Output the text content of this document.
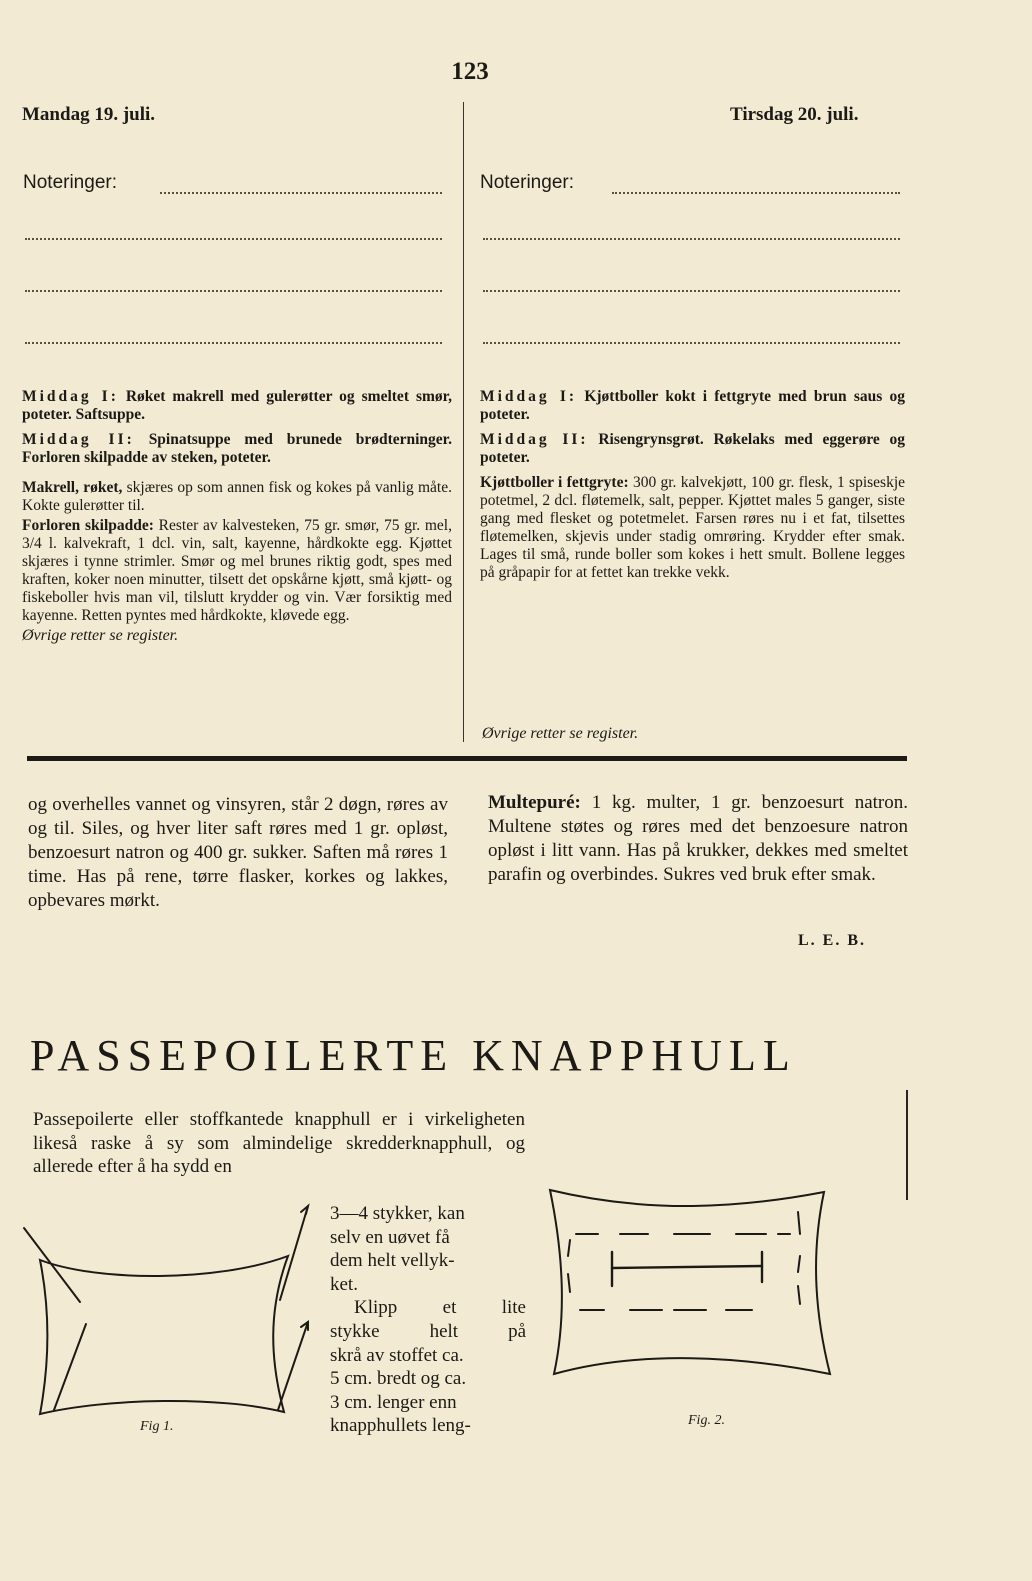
123
Mandag 19. juli.	Tirsdag 20. juli.
Noteringer:	Noteringer:

Middag I: Røket makrell med gulerøtter og smeltet smør, poteter. Saftsuppe.

Middag II: Spinatsuppe med brunede brødterninger. Forloren skilpadde av steken, poteter.

Makrell, røket, skjæres op som annen fisk og kokes på vanlig måte. Kokte gulerøtter til.

Forloren skilpadde: Rester av kalvesteken, 75 gr. smør, 75 gr. mel, 3/4 l. kalvekraft, 1 dcl. vin, salt, kayenne, hårdkokte egg. Kjøttet skjæres i tynne strimler. Smør og mel brunes riktig godt, spes med kraften, koker noen minutter, tilsett det opskårne kjøtt, små kjøtt- og fiskeboller hvis man vil, tilslutt krydder og vin. Vær forsiktig med kayenne. Retten pyntes med hårdkokte, kløvede egg.

Øvrige retter se register.

Middag I: Kjøttboller kokt i fettgryte med brun saus og poteter.

Middag II: Risengrynsgrøt. Røkelaks med eggerøre og poteter.

Kjøttboller i fettgryte: 300 gr. kalvekjøtt, 100 gr. flesk, 1 spiseskje potetmel, 2 dcl. fløtemelk, salt, pepper. Kjøttet males 5 ganger, siste gang med flesket og potetmelet. Farsen røres nu i et fat, tilsettes fløtemelken, skjevis under stadig omrøring. Krydder efter smak. Lages til små, runde boller som kokes i hett smult. Bollene legges på gråpapir for at fettet kan trekke vekk.

Øvrige retter se register.

og overhelles vannet og vinsyren, står 2 døgn, røres av og til. Siles, og hver liter saft røres med 1 gr. opløst, benzoesurt natron og 400 gr. sukker. Saften må røres 1 time. Has på rene, tørre flasker, korkes og lakkes, opbevares mørkt.

Multepuré: 1 kg. multer, 1 gr. benzoesurt natron. Multene støtes og røres med det benzoesure natron opløst i litt vann. Has på krukker, dekkes med smeltet parafin og overbindes. Sukres ved bruk efter smak.

L. E. B.
PASSEPOILERTE KNAPPHULL
Passepoilerte eller stoffkantede knapphull er i virkeligheten likeså raske å sy som almindelige skredderknapphull, og allerede efter å ha sydd en
3—4 stykker, kan
selv en uøvet få
dem helt vellyk-
ket.
Klipp et lite
stykke helt på
skrå av stoffet ca.
5 cm. bredt og ca.
3 cm. lenger enn
knapphullets leng-
Fig 1.	Fig. 2.
